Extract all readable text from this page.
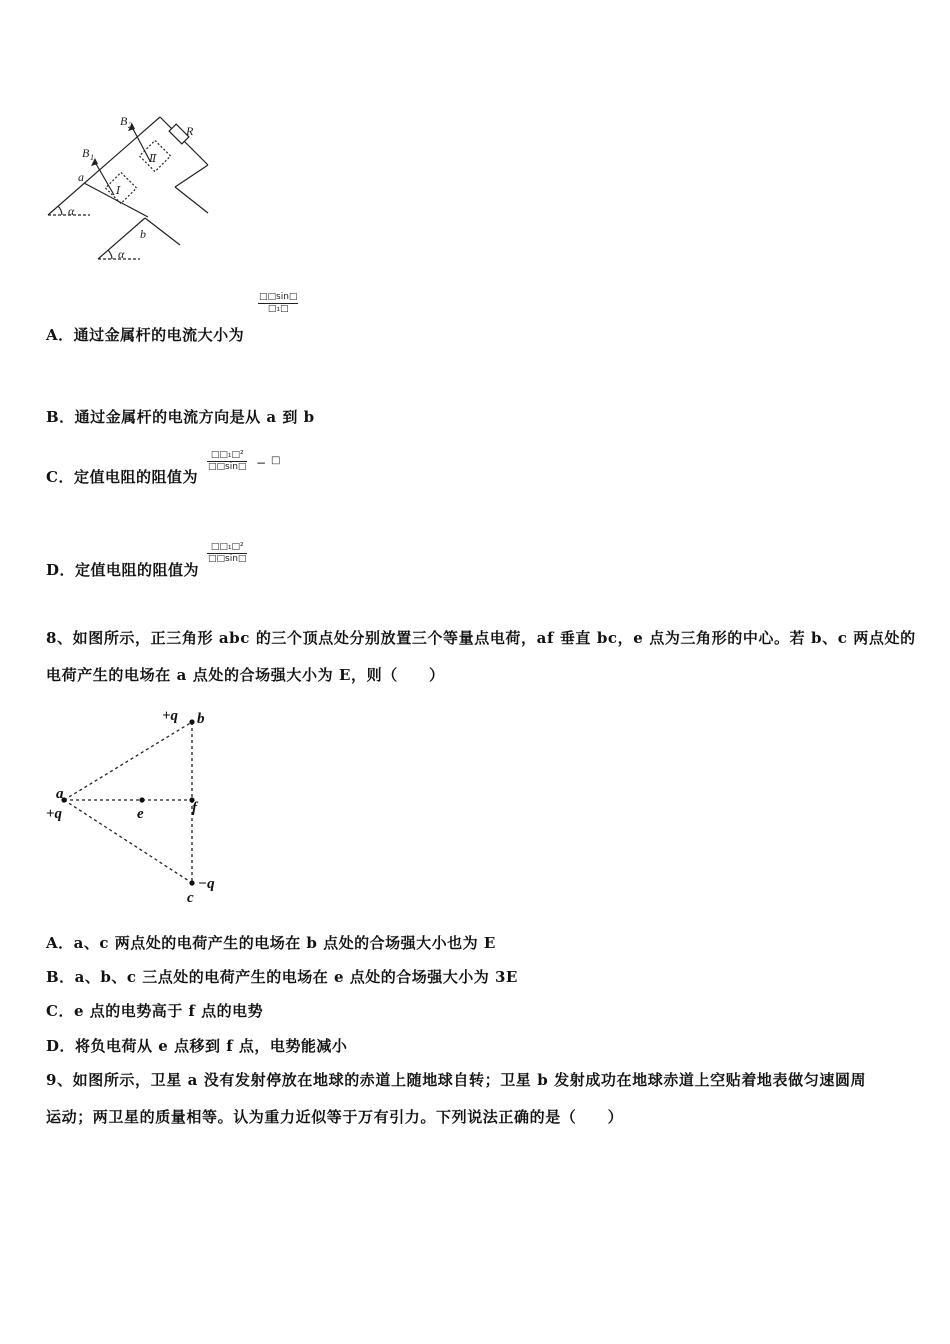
B 2	R
B 1
a
b
α
α
Ⅱ
Ⅰ
□□sin□
□₁□
A．通过金属杆的电流大小为
B．通过金属杆的电流方向是从 a 到 b
C．定值电阻的阻值为
□□₁□²
□□sin□ − □
D．定值电阻的阻值为
□□₁□²
□□sin□
8、如图所示，正三角形 abc 的三个顶点处分别放置三个等量点电荷，af 垂直 bc，e 点为三角形的中心。若 b、c 两点处的
电荷产生的电场在 a 点处的合场强大小为 E，则（　　）
+q b
a
+q	e	f
−q
c
A．a、c 两点处的电荷产生的电场在 b 点处的合场强大小也为 E
B．a、b、c 三点处的电荷产生的电场在 e 点处的合场强大小为 3E
C．e 点的电势高于 f 点的电势
D．将负电荷从 e 点移到 f 点，电势能减小
9、如图所示，卫星 a 没有发射停放在地球的赤道上随地球自转；卫星 b 发射成功在地球赤道上空贴着地表做匀速圆周
运动；两卫星的质量相等。认为重力近似等于万有引力。下列说法正确的是（　　）
